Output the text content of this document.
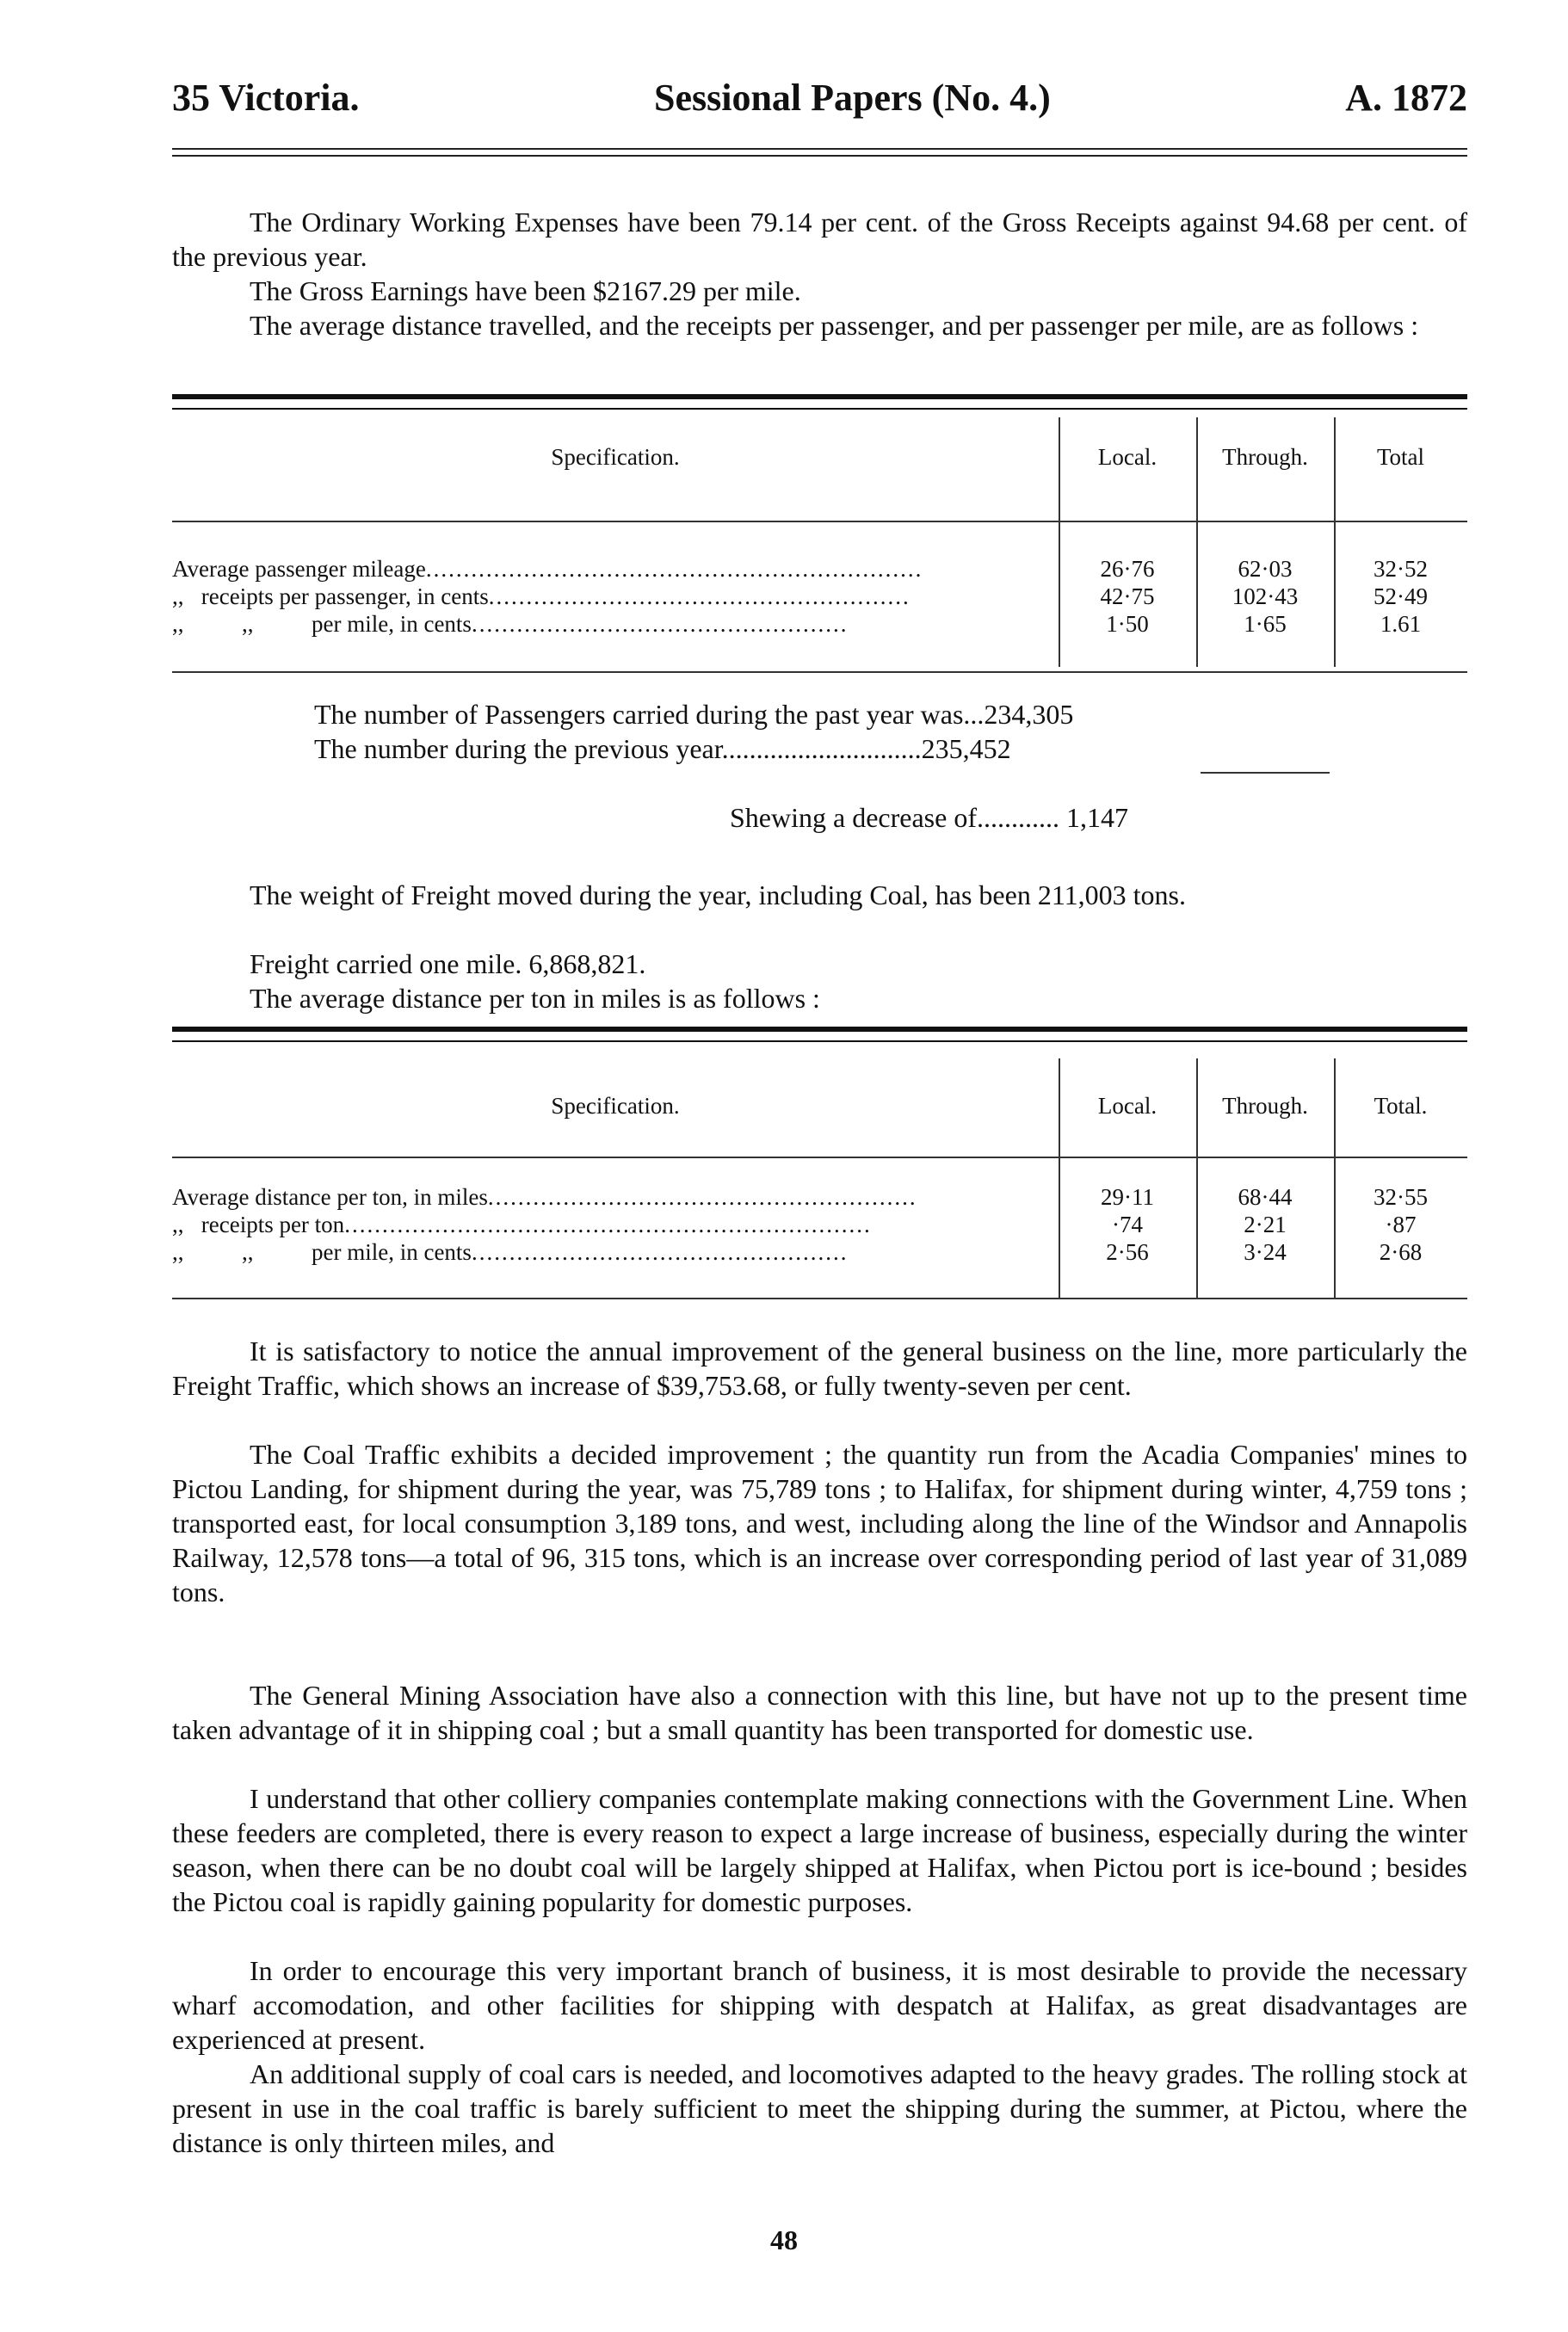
35 Victoria.	Sessional Papers (No. 4.)	A. 1872
The Ordinary Working Expenses have been 79.14 per cent. of the Gross Receipts against 94.68 per cent. of the previous year.
The Gross Earnings have been $2167.29 per mile.
The average distance travelled, and the receipts per passenger, and per passenger per mile, are as follows :
Specification.	Local.	Through.	Total
Average passenger mileage..................................................................	26·76	62·03	32·52
,,   receipts per passenger, in cents........................................................	42·75	102·43	52·49
,,          ,,          per mile, in cents..................................................	1·50	1·65	1.61
The number of Passengers carried during the past year was...234,305
The number during the previous year.............................235,452
Shewing a decrease of............ 1,147
The weight of Freight moved during the year, including Coal, has been 211,003 tons.
Freight carried one mile. 6,868,821.
The average distance per ton in miles is as follows :
Specification.	Local.	Through.	Total.
Average distance per ton, in miles.........................................................	29·11	68·44	32·55
,,   receipts per ton......................................................................	·74	2·21	·87
,,          ,,          per mile, in cents..................................................	2·56	3·24	2·68
It is satisfactory to notice the annual improvement of the general business on the line, more particularly the Freight Traffic, which shows an increase of $39,753.68, or fully twenty-seven per cent.
The Coal Traffic exhibits a decided improvement ; the quantity run from the Acadia Companies' mines to Pictou Landing, for shipment during the year, was 75,789 tons ; to Halifax, for shipment during winter, 4,759 tons ; transported east, for local consumption 3,189 tons, and west, including along the line of the Windsor and Annapolis Railway, 12,578 tons—a total of 96, 315 tons, which is an increase over corresponding period of last year of 31,089 tons.
The General Mining Association have also a connection with this line, but have not up to the present time taken advantage of it in shipping coal ; but a small quantity has been transported for domestic use.
I understand that other colliery companies contemplate making connections with the Government Line. When these feeders are completed, there is every reason to expect a large increase of business, especially during the winter season, when there can be no doubt coal will be largely shipped at Halifax, when Pictou port is ice-bound ; besides the Pictou coal is rapidly gaining popularity for domestic purposes.
In order to encourage this very important branch of business, it is most desirable to provide the necessary wharf accomodation, and other facilities for shipping with despatch at Halifax, as great disadvantages are experienced at present.
An additional supply of coal cars is needed, and locomotives adapted to the heavy grades. The rolling stock at present in use in the coal traffic is barely sufficient to meet the shipping during the summer, at Pictou, where the distance is only thirteen miles, and
48
